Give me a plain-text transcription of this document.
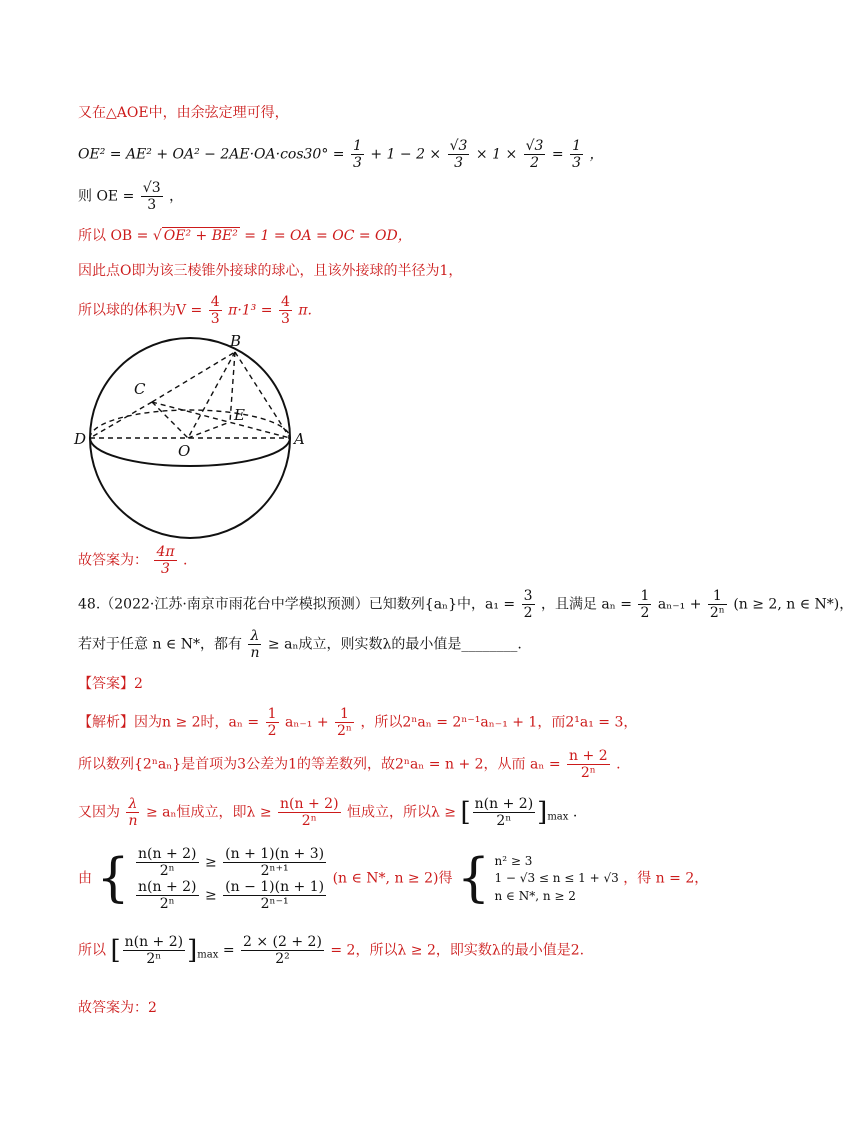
又在△AOE中，由余弦定理可得，
$OE^2 = AE^2 + OA^2 - 2AE\cdot OA\cdot\cos 30^\circ = \frac{1}{3} + 1 - 2 \times \frac{√3}{3} \times 1 \times \frac{√3}{2} = \frac{1}{3}$ ，
则 OE = $\frac{√3}{3}$ ，
所以 OB = √ OE² + BE² = 1 = OA = OC = OD，
因此点O即为该三棱锥外接球的球心，且该外接球的半径为1，
所以球的体积为$V = \frac{4}{3} \pi\cdot 1^3 = \frac{4}{3} \pi$.
B
C
E
D
O
A
故答案为： $\frac{4\pi}{3}$ .
48.（2022·江苏·南京市雨花台中学模拟预测）已知数列{aₙ}中，$a_1 = \frac{3}{2}$ ，且满足 $a_n = \frac{1}{2} a_{n-1} + \frac{1}{\text{2ⁿ}} (n \ge 2$, n ∈ N*)，
若对于任意 n ∈ N*，都有 $\frac{\lambda}{n} \ge a_n$成立，则实数λ的最小值是________.
【答案】2
【解析】因为n ≥ 2时，$a_n = \frac{1}{2} a_{n-1} + \frac{1}{\text{2ⁿ}}$ ，所以2ⁿaₙ = 2ⁿ⁻¹aₙ₋₁ + 1，而2¹a₁ = 3，
所以数列{2ⁿaₙ}是首项为3公差为1的等差数列，故2ⁿaₙ = n + 2，从而 $a_n = \frac{n + 2}{\text{2ⁿ}}$ .
又因为 $\frac{\lambda}{n} \ge a_n$恒成立，即$\lambda \ge \frac{n(n + 2)}{\text{2ⁿ}}$ 恒成立，所以λ ≥ [ $\frac{n(n + 2)}{\text{2ⁿ}} ]_{max}$ .
由 { $\frac{n(n + 2)}{\text{2ⁿ}} \ge \frac{(n + 1)(n + 3)}{\text{2ⁿ⁺¹}}$
$\frac{n(n + 2)}{\text{2ⁿ}} \ge \frac{(n - 1)(n + 1)}{\text{2ⁿ⁻¹}}$
(n ∈ N*, n ≥ 2)得 { n² ≥ 3
1 − √3 ≤ n ≤ 1 + √3
n ∈ N*, n ≥ 2
，得 n = 2，
所以 [ $\frac{n(n + 2)}{\text{2ⁿ}} ]_{max} = \frac{2 \times (2 + 2)}{\text{2²}} = 2$，所以λ ≥ 2，即实数λ的最小值是2.
故答案为：2
